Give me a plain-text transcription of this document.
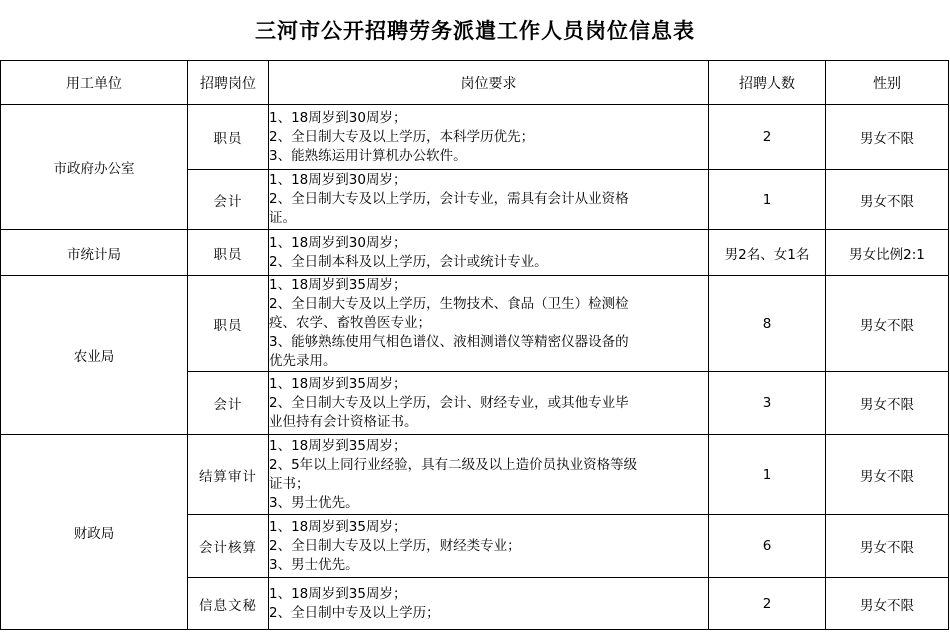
三河市公开招聘劳务派遣工作人员岗位信息表
用工单位	招聘岗位	岗位要求	招聘人数	性别
市政府办公室	职员	1、18周岁到30周岁；
2、全日制大专及以上学历，本科学历优先；
3、能熟练运用计算机办公软件。	2	男女不限
	会计	1、18周岁到30周岁；
2、全日制大专及以上学历，会计专业，需具有会计从业资格
证。	1	男女不限
市统计局	职员	1、18周岁到30周岁；
2、全日制本科及以上学历，会计或统计专业。	男2名、女1名	男女比例2:1
农业局	职员	1、18周岁到35周岁；
2、全日制大专及以上学历，生物技术、食品（卫生）检测检
疫、农学、畜牧兽医专业；
3、能够熟练使用气相色谱仪、液相测谱仪等精密仪器设备的
优先录用。	8	男女不限
	会计	1、18周岁到35周岁；
2、全日制大专及以上学历，会计、财经专业，或其他专业毕
业但持有会计资格证书。	3	男女不限
财政局	结算审计	1、18周岁到35周岁；
2、5年以上同行业经验，具有二级及以上造价员执业资格等级
证书；
3、男士优先。	1	男女不限
	会计核算	1、18周岁到35周岁；
2、全日制大专及以上学历，财经类专业；
3、男士优先。	6	男女不限
	信息文秘	1、18周岁到35周岁；
2、全日制中专及以上学历；	2	男女不限
